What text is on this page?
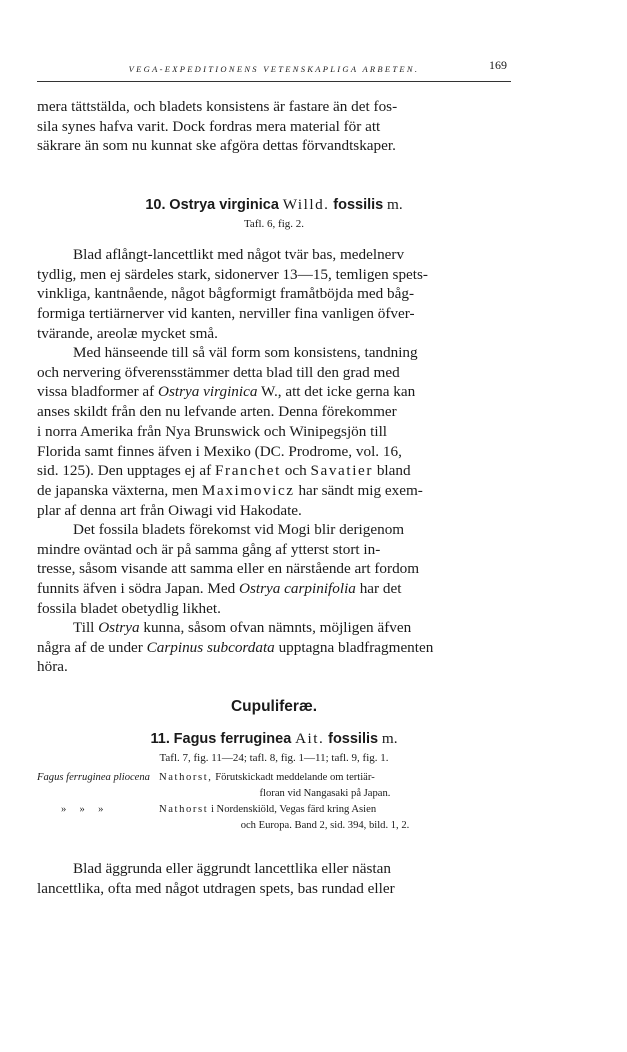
VEGA-EXPEDITIONENS VETENSKAPLIGA ARBETEN.	169
mera tättstälda, och bladets konsistens är fastare än det fos-
sila synes hafva varit. Dock fordras mera material för att
säkrare än som nu kunnat ske afgöra dettas förvandtskaper.
10. Ostrya virginica Willd. fossilis m.
Tafl. 6, fig. 2.
Blad aflångt-lancettlikt med något tvär bas, medelnerv
tydlig, men ej särdeles stark, sidonerver 13—15, temligen spets-
vinkliga, kantnående, något bågformigt framåtböjda med båg-
formiga tertiärnerver vid kanten, nerviller fina vanligen öfver-
tvärande, areolæ mycket små.
Med hänseende till så väl form som konsistens, tandning
och nervering öfverensstämmer detta blad till den grad med
vissa bladformer af Ostrya virginica W., att det icke gerna kan
anses skildt från den nu lefvande arten. Denna förekommer
i norra Amerika från Nya Brunswick och Winipegsjön till
Florida samt finnes äfven i Mexiko (DC. Prodrome, vol. 16,
sid. 125). Den upptages ej af Franchet och Savatier bland
de japanska växterna, men Maximovicz har sändt mig exem-
plar af denna art från Oiwagi vid Hakodate.
Det fossila bladets förekomst vid Mogi blir derigenom
mindre oväntad och är på samma gång af ytterst stort in-
tresse, såsom visande att samma eller en närstående art fordom
funnits äfven i södra Japan. Med Ostrya carpinifolia har det
fossila bladet obetydlig likhet.
Till Ostrya kunna, såsom ofvan nämnts, möjligen äfven
några af de under Carpinus subcordata upptagna bladfragmenten
höra.
Cupuliferæ.
11. Fagus ferruginea Ait. fossilis m.
Tafl. 7, fig. 11—24; tafl. 8, fig. 1—11; tafl. 9, fig. 1.
Fagus ferruginea pliocena Nathorst, Förutskickadt meddelande om tertiär-
floran vid Nangasaki på Japan.
»     »     »	Nathorst i Nordenskiöld, Vegas färd kring Asien
och Europa. Band 2, sid. 394, bild. 1, 2.
Blad äggrunda eller äggrundt lancettlika eller nästan
lancettlika, ofta med något utdragen spets, bas rundad eller
